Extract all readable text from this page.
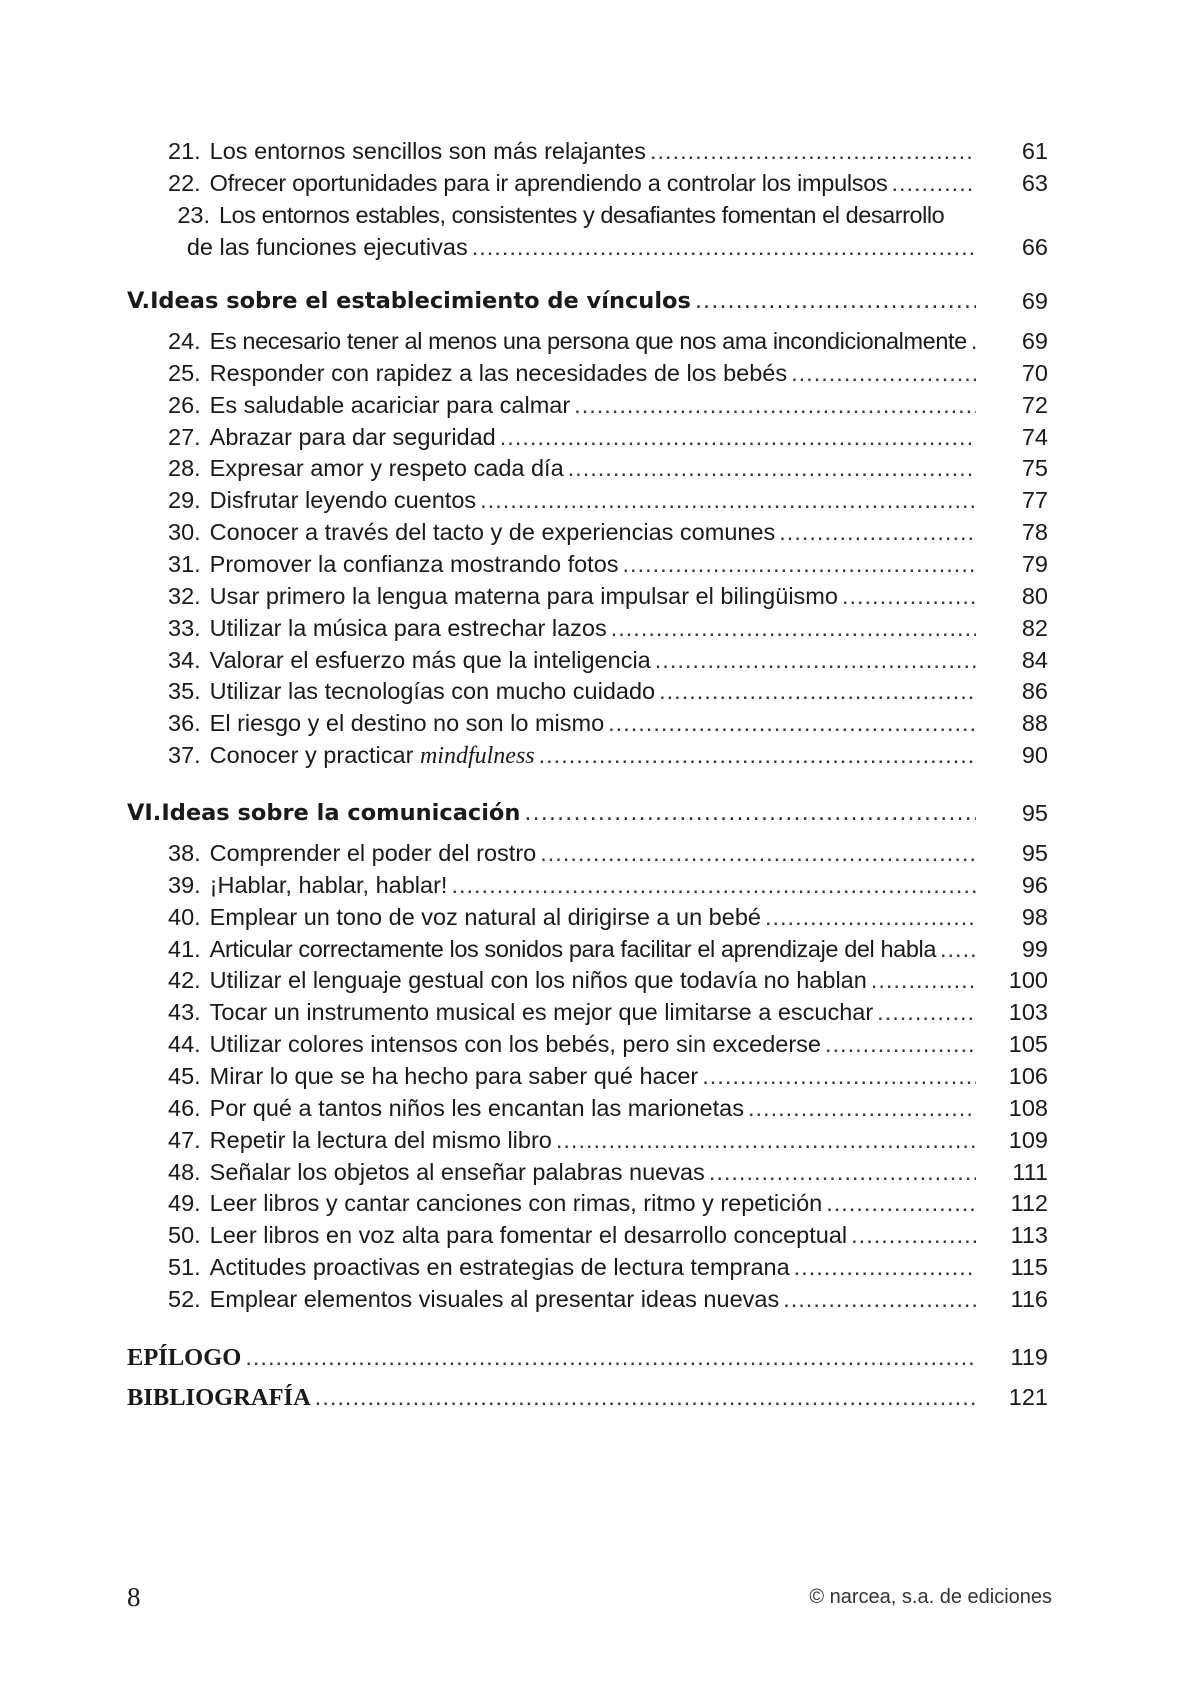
21. Los entornos sencillos son más relajantes .....	61
22. Ofrecer oportunidades para ir aprendiendo a controlar los impulsos .....	63
23. Los entornos estables, consistentes y desafiantes fomentan el desarrollo
de las funciones ejecutivas .....	66
V. Ideas sobre el establecimiento de vínculos .....	69
24. Es necesario tener al menos una persona que nos ama incondicionalmente .....	69
25. Responder con rapidez a las necesidades de los bebés .....	70
26. Es saludable acariciar para calmar .....	72
27. Abrazar para dar seguridad .....	74
28. Expresar amor y respeto cada día .....	75
29. Disfrutar leyendo cuentos .....	77
30. Conocer a través del tacto y de experiencias comunes .....	78
31. Promover la confianza mostrando fotos .....	79
32. Usar primero la lengua materna para impulsar el bilingüismo .....	80
33. Utilizar la música para estrechar lazos .....	82
34. Valorar el esfuerzo más que la inteligencia .....	84
35. Utilizar las tecnologías con mucho cuidado .....	86
36. El riesgo y el destino no son lo mismo .....	88
37. Conocer y practicar
mindfulness .....	90
VI. Ideas sobre la comunicación .....	95
38. Comprender el poder del rostro .....	95
39. ¡Hablar, hablar, hablar! .....	96
40. Emplear un tono de voz natural al dirigirse a un bebé .....	98
41. Articular correctamente los sonidos para facilitar el aprendizaje del habla .....	99
42. Utilizar el lenguaje gestual con los niños que todavía no hablan .....	100
43. Tocar un instrumento musical es mejor que limitarse a escuchar .....	103
44. Utilizar colores intensos con los bebés, pero sin excederse .....	105
45. Mirar lo que se ha hecho para saber qué hacer .....	106
46. Por qué a tantos niños les encantan las marionetas .....	108
47. Repetir la lectura del mismo libro .....	109
48. Señalar los objetos al enseñar palabras nuevas .....	111
49. Leer libros y cantar canciones con rimas, ritmo y repetición .....	112
50. Leer libros en voz alta para fomentar el desarrollo conceptual .....	113
51. Actitudes proactivas en estrategias de lectura temprana .....	115
52. Emplear elementos visuales al presentar ideas nuevas .....	116
EPÍLOGO .....	119
BIBLIOGRAFÍA .....	121
8	© narcea, s.a. de ediciones
